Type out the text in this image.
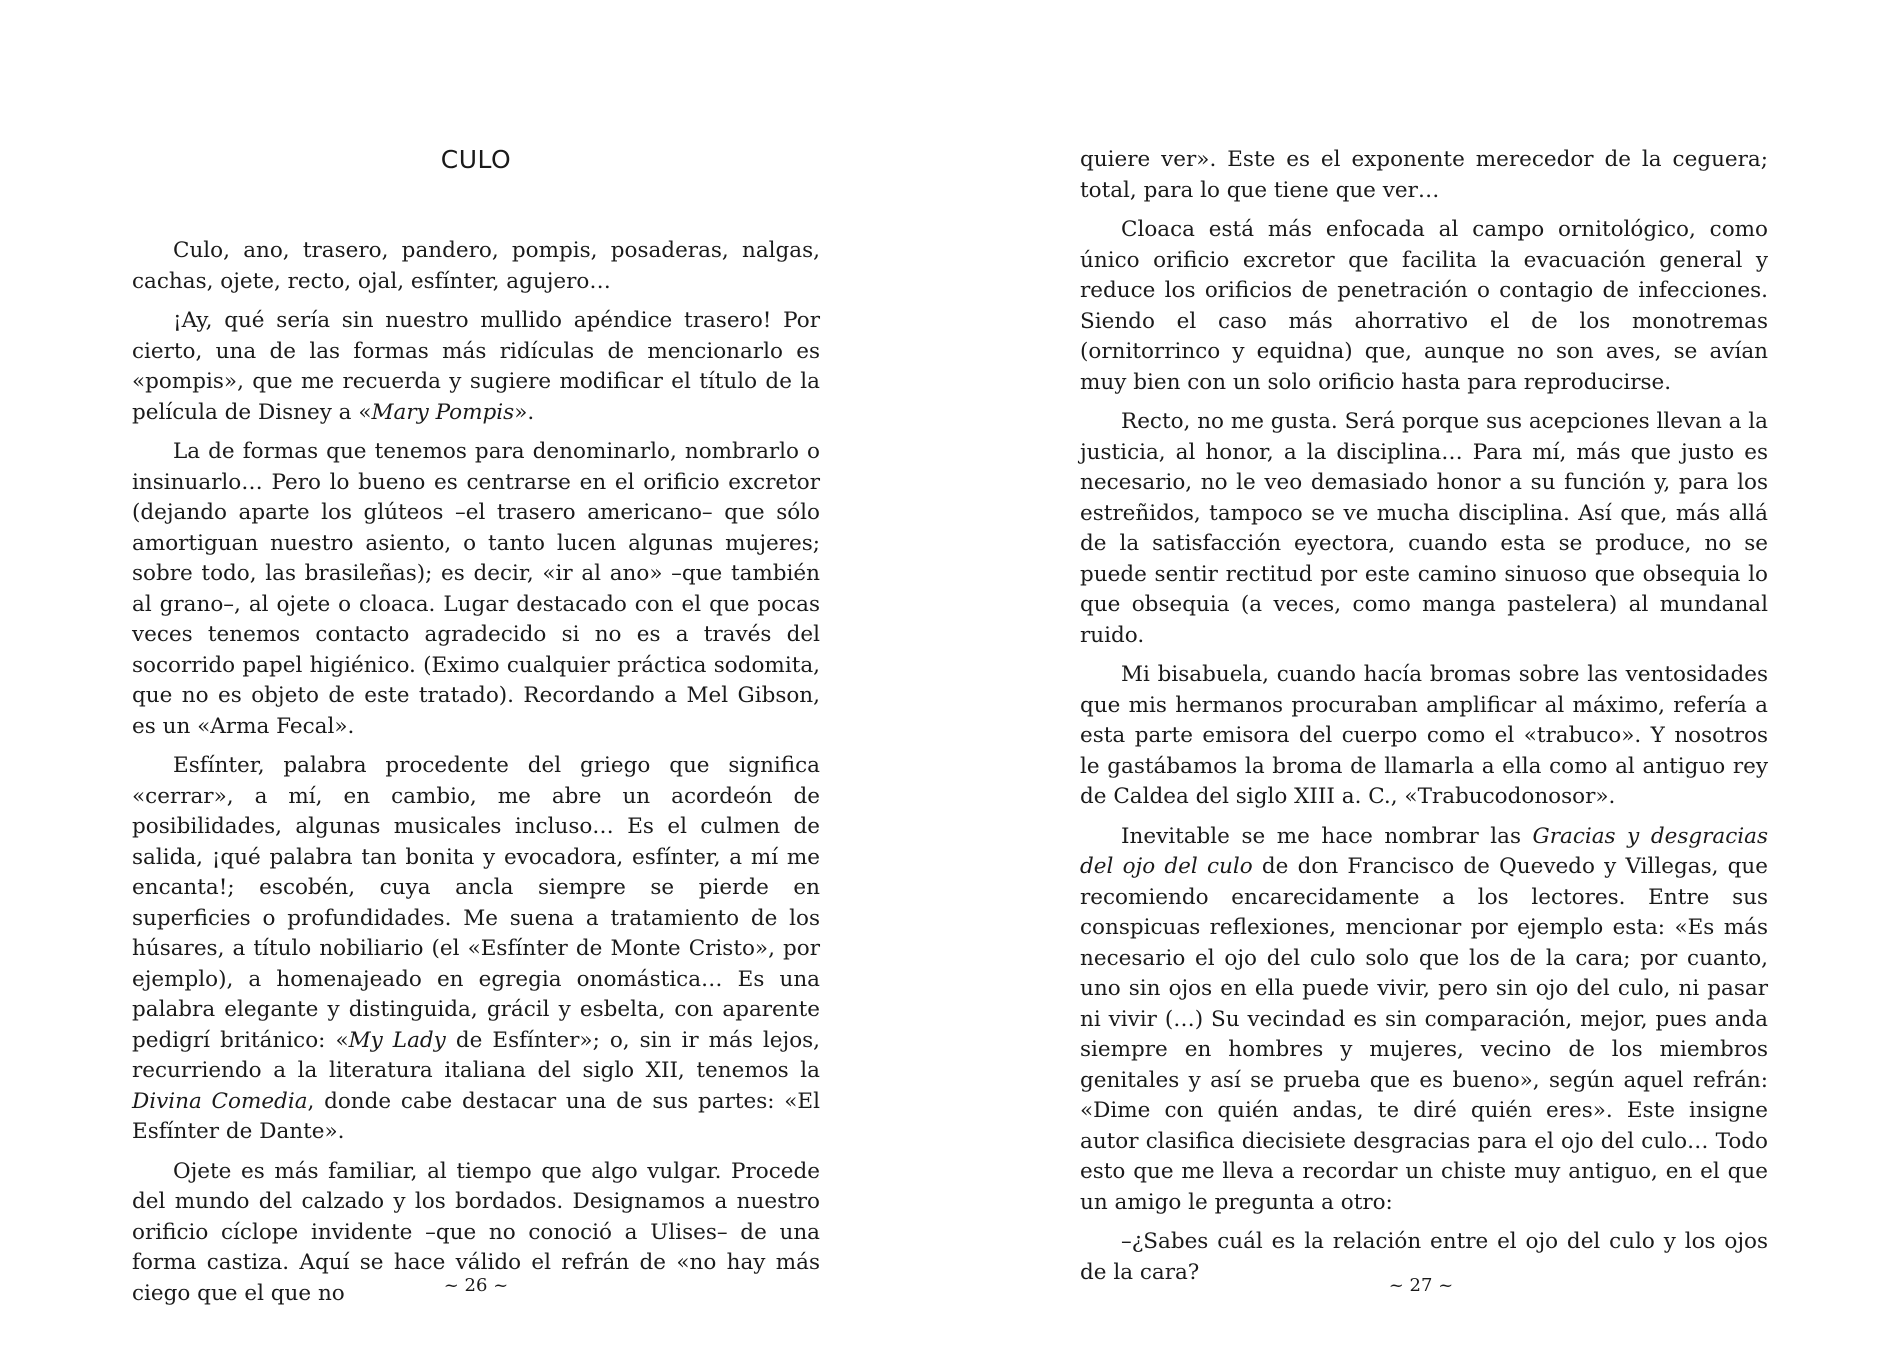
CULO

Culo, ano, trasero, pandero, pompis, posaderas, nalgas, cachas, ojete, recto, ojal, esfínter, agujero…

¡Ay, qué sería sin nuestro mullido apéndice trasero! Por cierto, una de las formas más ridículas de mencionarlo es «pompis», que me recuerda y sugiere modificar el título de la película de Disney a «Mary Pompis».

La de formas que tenemos para denominarlo, nombrarlo o insinuarlo… Pero lo bueno es centrarse en el orificio excretor (dejando aparte los glúteos –el trasero americano– que sólo amortiguan nuestro asiento, o tanto lucen algunas mujeres; sobre todo, las brasileñas); es decir, «ir al ano» –que también al grano–, al ojete o cloaca. Lugar destacado con el que pocas veces tenemos contacto agradecido si no es a través del socorrido papel higiénico. (Eximo cualquier práctica sodomita, que no es objeto de este tratado). Recordando a Mel Gibson, es un «Arma Fecal».

Esfínter, palabra procedente del griego que significa «cerrar», a mí, en cambio, me abre un acordeón de posibilidades, algunas musicales incluso… Es el culmen de salida, ¡qué palabra tan bonita y evocadora, esfínter, a mí me encanta!; escobén, cuya ancla siempre se pierde en superficies o profundidades. Me suena a tratamiento de los húsares, a título nobiliario (el «Esfínter de Monte Cristo», por ejemplo), a homenajeado en egregia onomástica… Es una palabra elegante y distinguida, grácil y esbelta, con aparente pedigrí británico: «My Lady de Esfínter»; o, sin ir más lejos, recurriendo a la literatura italiana del siglo XII, tenemos la Divina Comedia, donde cabe destacar una de sus partes: «El Esfínter de Dante».

Ojete es más familiar, al tiempo que algo vulgar. Procede del mundo del calzado y los bordados. Designamos a nuestro orificio cíclope invidente –que no conoció a Ulises– de una forma castiza. Aquí se hace válido el refrán de «no hay más ciego que el que no	~ 26 ~

quiere ver». Este es el exponente merecedor de la ceguera; total, para lo que tiene que ver…

Cloaca está más enfocada al campo ornitológico, como único orificio excretor que facilita la evacuación general y reduce los orificios de penetración o contagio de infecciones. Siendo el caso más ahorrativo el de los monotremas (ornitorrinco y equidna) que, aunque no son aves, se avían muy bien con un solo orificio hasta para reproducirse.

Recto, no me gusta. Será porque sus acepciones llevan a la justicia, al honor, a la disciplina… Para mí, más que justo es necesario, no le veo demasiado honor a su función y, para los estreñidos, tampoco se ve mucha disciplina. Así que, más allá de la satisfacción eyectora, cuando esta se produce, no se puede sentir rectitud por este camino sinuoso que obsequia lo que obsequia (a veces, como manga pastelera) al mundanal ruido.

Mi bisabuela, cuando hacía bromas sobre las ventosidades que mis hermanos procuraban amplificar al máximo, refería a esta parte emisora del cuerpo como el «trabuco». Y nosotros le gastábamos la broma de llamarla a ella como al antiguo rey de Caldea del siglo XIII a. C., «Trabucodonosor».

Inevitable se me hace nombrar las Gracias y desgracias del ojo del culo de don Francisco de Quevedo y Villegas, que recomiendo encarecidamente a los lectores. Entre sus conspicuas reflexiones, mencionar por ejemplo esta: «Es más necesario el ojo del culo solo que los de la cara; por cuanto, uno sin ojos en ella puede vivir, pero sin ojo del culo, ni pasar ni vivir (…) Su vecindad es sin comparación, mejor, pues anda siempre en hombres y mujeres, vecino de los miembros genitales y así se prueba que es bueno», según aquel refrán: «Dime con quién andas, te diré quién eres». Este insigne autor clasifica diecisiete desgracias para el ojo del culo… Todo esto que me lleva a recordar un chiste muy antiguo, en el que un amigo le pregunta a otro:

–¿Sabes cuál es la relación entre el ojo del culo y los ojos de la cara?

~ 27 ~
